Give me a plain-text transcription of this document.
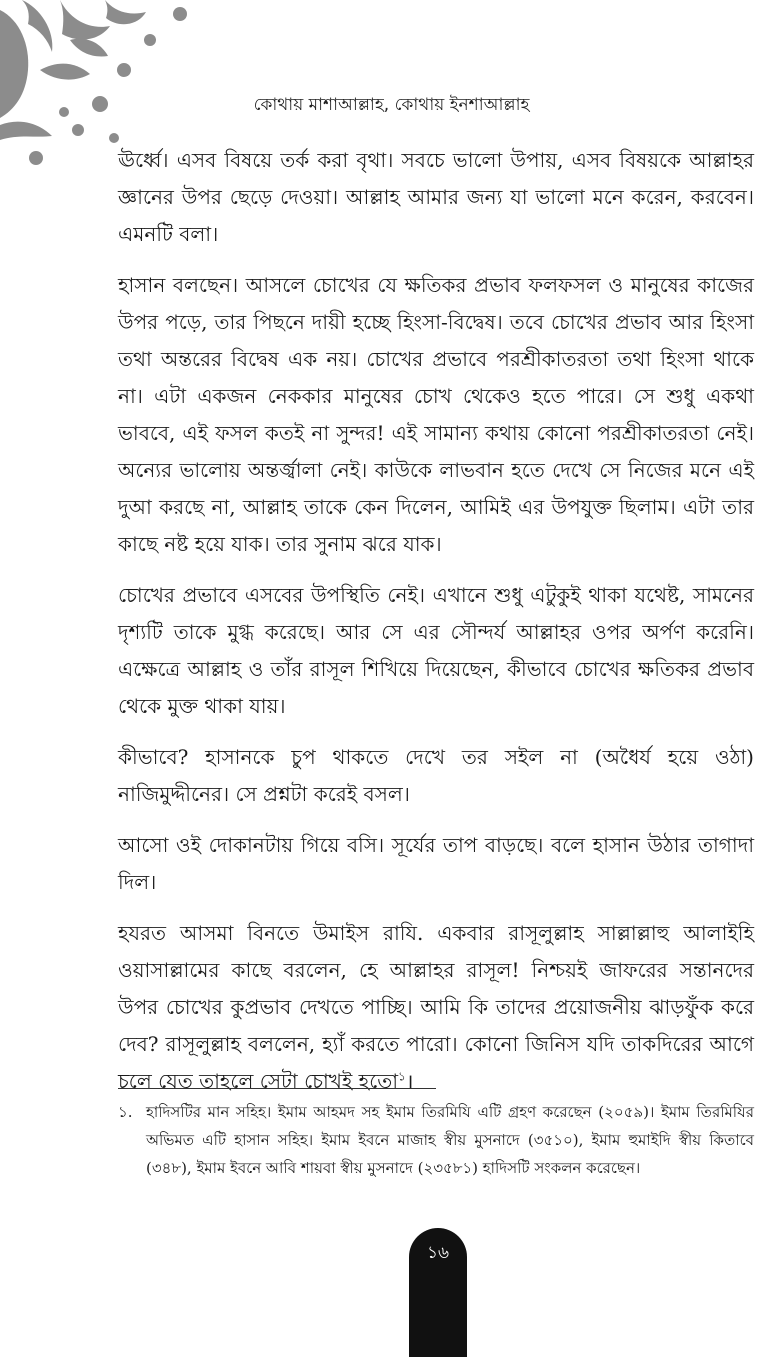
কোথায় মাশাআল্লাহ, কোথায় ইনশাআল্লাহ

ঊর্ধ্বে। এসব বিষয়ে তর্ক করা বৃথা। সবচে ভালো উপায়, এসব বিষয়কে আল্লাহর জ্ঞানের উপর ছেড়ে দেওয়া। আল্লাহ আমার জন্য যা ভালো মনে করেন, করবেন। এমনটি বলা।

হাসান বলছেন। আসলে চোখের যে ক্ষতিকর প্রভাব ফলফসল ও মানুষের কাজের উপর পড়ে, তার পিছনে দায়ী হচ্ছে হিংসা-বিদ্বেষ। তবে চোখের প্রভাব আর হিংসা তথা অন্তরের বিদ্বেষ এক নয়। চোখের প্রভাবে পরশ্রীকাতরতা তথা হিংসা থাকে না। এটা একজন নেককার মানুষের চোখ থেকেও হতে পারে। সে শুধু একথা ভাববে, এই ফসল কতই না সুন্দর! এই সামান্য কথায় কোনো পরশ্রীকাতরতা নেই। অন্যের ভালোয় অন্তর্জ্বালা নেই। কাউকে লাভবান হতে দেখে সে নিজের মনে এই দুআ করছে না, আল্লাহ তাকে কেন দিলেন, আমিই এর উপযুক্ত ছিলাম। এটা তার কাছে নষ্ট হয়ে যাক। তার সুনাম ঝরে যাক।

চোখের প্রভাবে এসবের উপস্থিতি নেই। এখানে শুধু এটুকুই থাকা যথেষ্ট, সামনের দৃশ্যটি তাকে মুগ্ধ করেছে। আর সে এর সৌন্দর্য আল্লাহর ওপর অর্পণ করেনি। এক্ষেত্রে আল্লাহ ও তাঁর রাসূল শিখিয়ে দিয়েছেন, কীভাবে চোখের ক্ষতিকর প্রভাব থেকে মুক্ত থাকা যায়।

কীভাবে? হাসানকে চুপ থাকতে দেখে তর সইল না (অধৈর্য হয়ে ওঠা) নাজিমুদ্দীনের। সে প্রশ্নটা করেই বসল।

আসো ওই দোকানটায় গিয়ে বসি। সূর্যের তাপ বাড়ছে। বলে হাসান উঠার তাগাদা দিল।

হযরত আসমা বিনতে উমাইস রাযি. একবার রাসূলুল্লাহ সাল্লাল্লাহু আলাইহি ওয়াসাল্লামের কাছে বরলেন, হে আল্লাহর রাসূল! নিশ্চয়ই জাফরের সন্তানদের উপর চোখের কুপ্রভাব দেখতে পাচ্ছি। আমি কি তাদের প্রয়োজনীয় ঝাড়ফুঁক করে দেব? রাসূলুল্লাহ বললেন, হ্যাঁ করতে পারো। কোনো জিনিস যদি তাকদিরের আগে চলে যেত তাহলে সেটা চোখই হতো$^১$।

১. হাদিসটির মান সহিহ। ইমাম আহমদ সহ ইমাম তিরমিযি এটি গ্রহণ করেছেন (২০৫৯)। ইমাম তিরমিযির অভিমত এটি হাসান সহিহ। ইমাম ইবনে মাজাহ স্বীয় মুসনাদে (৩৫১০), ইমাম হুমাইদি স্বীয় কিতাবে (৩৪৮), ইমাম ইবনে আবি শায়বা স্বীয় মুসনাদে (২৩৫৮১) হাদিসটি সংকলন করেছেন।
১৬
